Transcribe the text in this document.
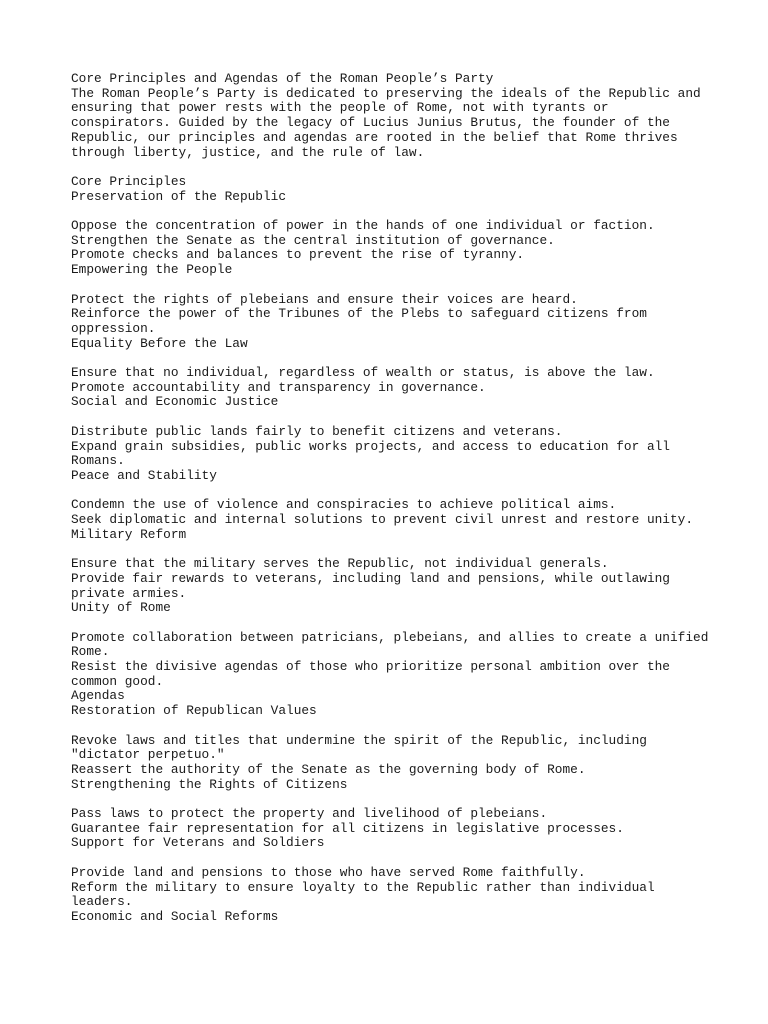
Core Principles and Agendas of the Roman People’s Party
The Roman People’s Party is dedicated to preserving the ideals of the Republic and
ensuring that power rests with the people of Rome, not with tyrants or
conspirators. Guided by the legacy of Lucius Junius Brutus, the founder of the
Republic, our principles and agendas are rooted in the belief that Rome thrives
through liberty, justice, and the rule of law.
Core Principles
Preservation of the Republic
Oppose the concentration of power in the hands of one individual or faction.
Strengthen the Senate as the central institution of governance.
Promote checks and balances to prevent the rise of tyranny.
Empowering the People
Protect the rights of plebeians and ensure their voices are heard.
Reinforce the power of the Tribunes of the Plebs to safeguard citizens from
oppression.
Equality Before the Law
Ensure that no individual, regardless of wealth or status, is above the law.
Promote accountability and transparency in governance.
Social and Economic Justice
Distribute public lands fairly to benefit citizens and veterans.
Expand grain subsidies, public works projects, and access to education for all
Romans.
Peace and Stability
Condemn the use of violence and conspiracies to achieve political aims.
Seek diplomatic and internal solutions to prevent civil unrest and restore unity.
Military Reform
Ensure that the military serves the Republic, not individual generals.
Provide fair rewards to veterans, including land and pensions, while outlawing
private armies.
Unity of Rome
Promote collaboration between patricians, plebeians, and allies to create a unified
Rome.
Resist the divisive agendas of those who prioritize personal ambition over the
common good.
Agendas
Restoration of Republican Values
Revoke laws and titles that undermine the spirit of the Republic, including
"dictator perpetuo."
Reassert the authority of the Senate as the governing body of Rome.
Strengthening the Rights of Citizens
Pass laws to protect the property and livelihood of plebeians.
Guarantee fair representation for all citizens in legislative processes.
Support for Veterans and Soldiers
Provide land and pensions to those who have served Rome faithfully.
Reform the military to ensure loyalty to the Republic rather than individual
leaders.
Economic and Social Reforms
